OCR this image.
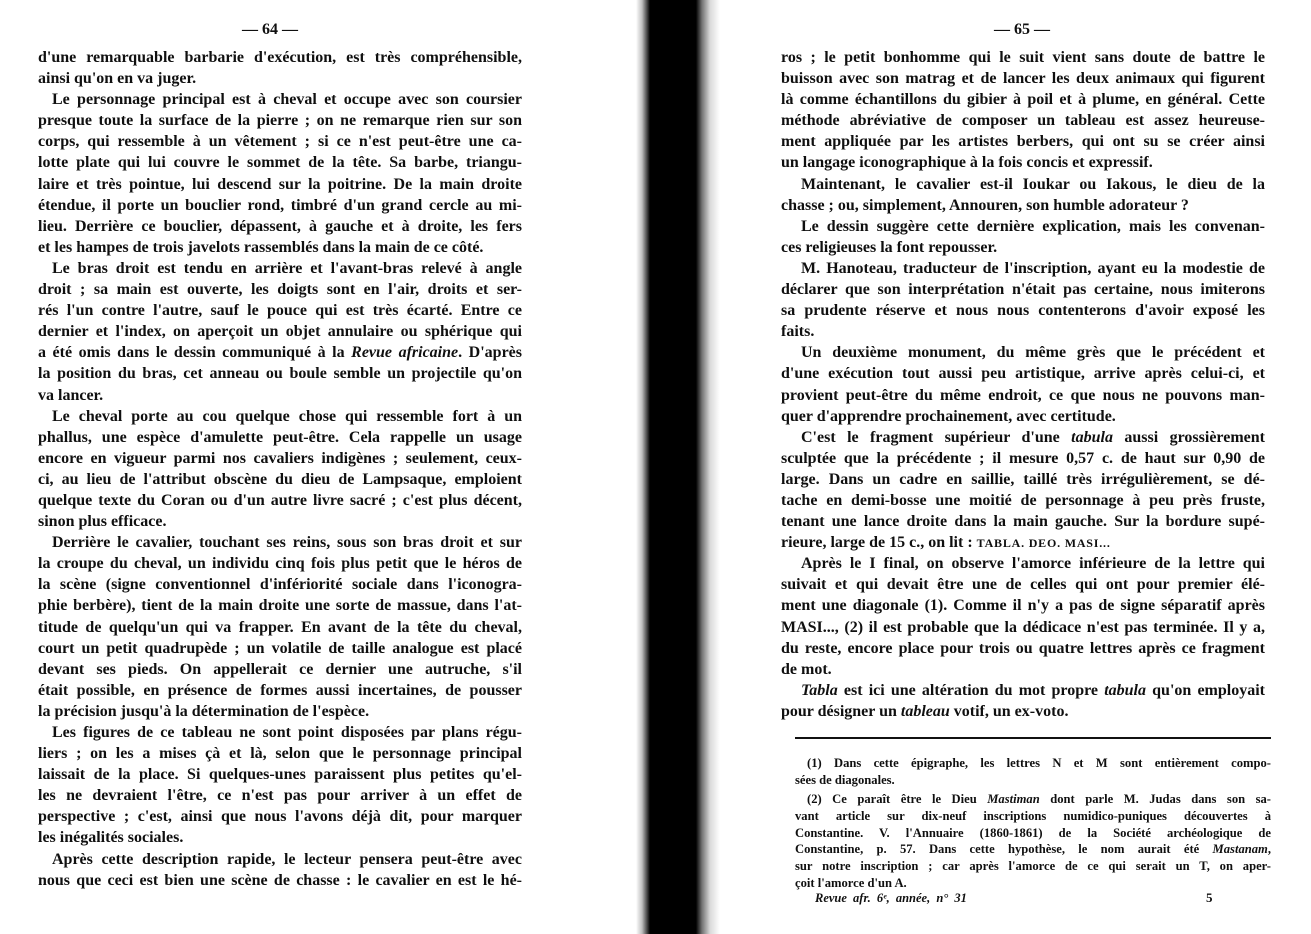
— 64 —
d'une remarquable barbarie d'exécution, est très compréhensible,
ainsi qu'on en va juger.
Le personnage principal est à cheval et occupe avec son coursier
presque toute la surface de la pierre ; on ne remarque rien sur son
corps, qui ressemble à un vêtement ; si ce n'est peut-être une ca-
lotte plate qui lui couvre le sommet de la tête. Sa barbe, triangu-
laire et très pointue, lui descend sur la poitrine. De la main droite
étendue, il porte un bouclier rond, timbré d'un grand cercle au mi-
lieu. Derrière ce bouclier, dépassent, à gauche et à droite, les fers
et les hampes de trois javelots rassemblés dans la main de ce côté.
Le bras droit est tendu en arrière et l'avant-bras relevé à angle
droit ; sa main est ouverte, les doigts sont en l'air, droits et ser-
rés l'un contre l'autre, sauf le pouce qui est très écarté. Entre ce
dernier et l'index, on aperçoit un objet annulaire ou sphérique qui
a été omis dans le dessin communiqué à la Revue africaine. D'après
la position du bras, cet anneau ou boule semble un projectile qu'on
va lancer.
Le cheval porte au cou quelque chose qui ressemble fort à un
phallus, une espèce d'amulette peut-être. Cela rappelle un usage
encore en vigueur parmi nos cavaliers indigènes ; seulement, ceux-
ci, au lieu de l'attribut obscène du dieu de Lampsaque, emploient
quelque texte du Coran ou d'un autre livre sacré ; c'est plus décent,
sinon plus efficace.
Derrière le cavalier, touchant ses reins, sous son bras droit et sur
la croupe du cheval, un individu cinq fois plus petit que le héros de
la scène (signe conventionnel d'infériorité sociale dans l'iconogra-
phie berbère), tient de la main droite une sorte de massue, dans l'at-
titude de quelqu'un qui va frapper. En avant de la tête du cheval,
court un petit quadrupède ; un volatile de taille analogue est placé
devant ses pieds. On appellerait ce dernier une autruche, s'il
était possible, en présence de formes aussi incertaines, de pousser
la précision jusqu'à la détermination de l'espèce.
Les figures de ce tableau ne sont point disposées par plans régu-
liers ; on les a mises çà et là, selon que le personnage principal
laissait de la place. Si quelques-unes paraissent plus petites qu'el-
les ne devraient l'être, ce n'est pas pour arriver à un effet de
perspective ; c'est, ainsi que nous l'avons déjà dit, pour marquer
les inégalités sociales.
Après cette description rapide, le lecteur pensera peut-être avec
nous que ceci est bien une scène de chasse : le cavalier en est le hé-
— 65 —
ros ; le petit bonhomme qui le suit vient sans doute de battre le
buisson avec son matrag et de lancer les deux animaux qui figurent
là comme échantillons du gibier à poil et à plume, en général. Cette
méthode abréviative de composer un tableau est assez heureuse-
ment appliquée par les artistes berbers, qui ont su se créer ainsi
un langage iconographique à la fois concis et expressif.
Maintenant, le cavalier est-il Ioukar ou Iakous, le dieu de la
chasse ; ou, simplement, Annouren, son humble adorateur ?
Le dessin suggère cette dernière explication, mais les convenan-
ces religieuses la font repousser.
M. Hanoteau, traducteur de l'inscription, ayant eu la modestie de
déclarer que son interprétation n'était pas certaine, nous imiterons
sa prudente réserve et nous nous contenterons d'avoir exposé les
faits.
Un deuxième monument, du même grès que le précédent et
d'une exécution tout aussi peu artistique, arrive après celui-ci, et
provient peut-être du même endroit, ce que nous ne pouvons man-
quer d'apprendre prochainement, avec certitude.
C'est le fragment supérieur d'une tabula aussi grossièrement
sculptée que la précédente ; il mesure 0,57 c. de haut sur 0,90 de
large. Dans un cadre en saillie, taillé très irrégulièrement, se dé-
tache en demi-bosse une moitié de personnage à peu près fruste,
tenant une lance droite dans la main gauche. Sur la bordure supé-
rieure, large de 15 c., on lit : TABLA. DEO. MASI...
Après le I final, on observe l'amorce inférieure de la lettre qui
suivait et qui devait être une de celles qui ont pour premier élé-
ment une diagonale (1). Comme il n'y a pas de signe séparatif après
MASI..., (2) il est probable que la dédicace n'est pas terminée. Il y a,
du reste, encore place pour trois ou quatre lettres après ce fragment
de mot.
Tabla est ici une altération du mot propre tabula qu'on employait
pour désigner un tableau votif, un ex-voto.
(1) Dans cette épigraphe, les lettres N et M sont entièrement compo-
sées de diagonales.
(2) Ce paraît être le Dieu Mastiman dont parle M. Judas dans son sa-
vant article sur dix-neuf inscriptions numidico-puniques découvertes à
Constantine. V. l'Annuaire (1860-1861) de la Société archéologique de
Constantine, p. 57. Dans cette hypothèse, le nom aurait été Mastanam,
sur notre inscription ; car après l'amorce de ce qui serait un T, on aper-
çoit l'amorce d'un A.
Revue afr. 6ᵉ, année, n° 31	5
